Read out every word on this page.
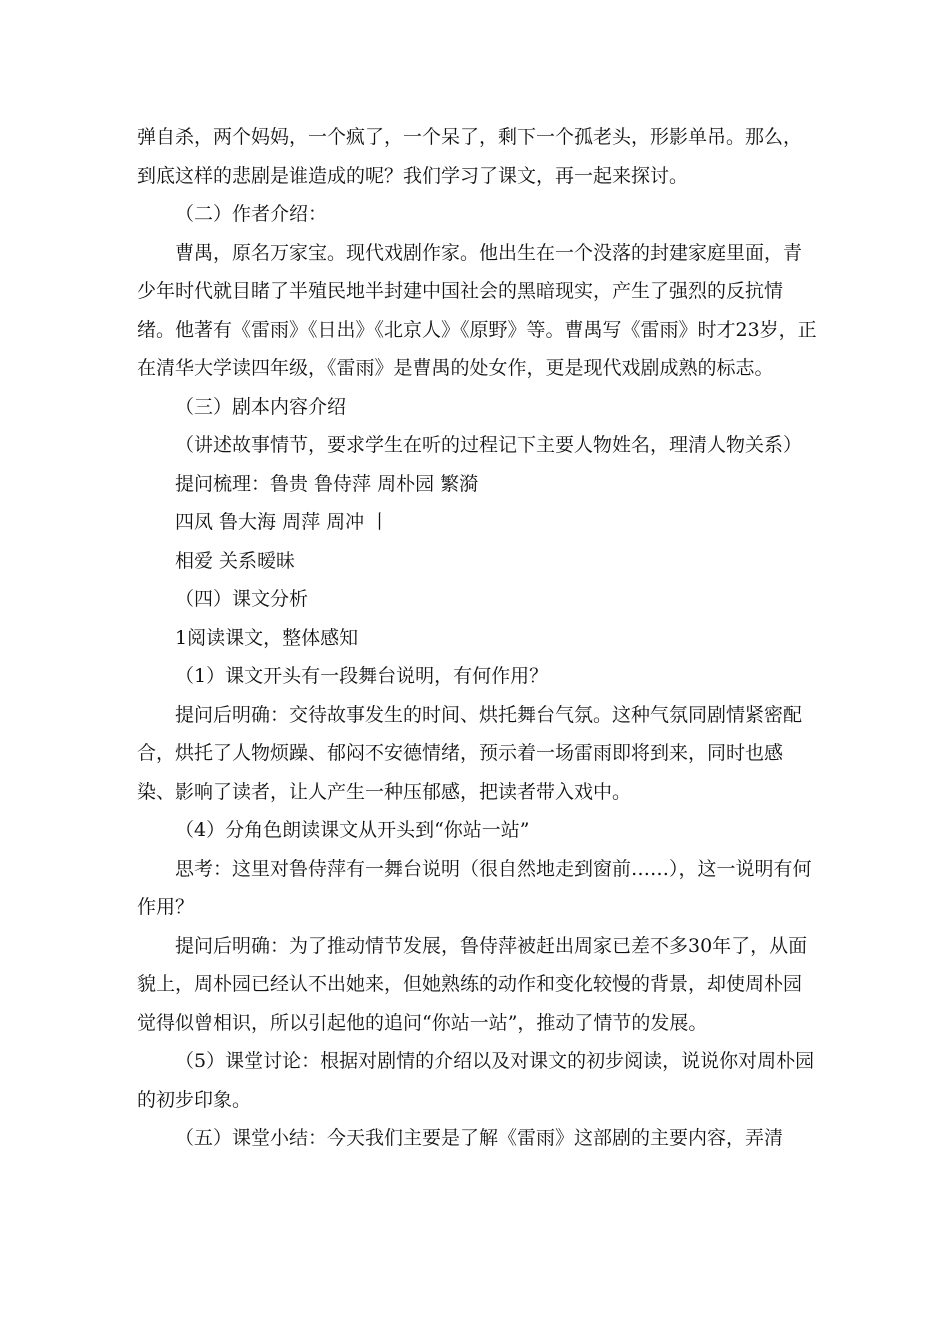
弹自杀，两个妈妈，一个疯了，一个呆了，剩下一个孤老头，形影单吊。那么，到底这样的悲剧是谁造成的呢？我们学习了课文，再一起来探讨。

（二）作者介绍：

曹禺，原名万家宝。现代戏剧作家。他出生在一个没落的封建家庭里面，青少年时代就目睹了半殖民地半封建中国社会的黑暗现实，产生了强烈的反抗情绪。他著有《雷雨》《日出》《北京人》《原野》等。曹禺写《雷雨》时才23岁，正在清华大学读四年级，《雷雨》是曹禺的处女作，更是现代戏剧成熟的标志。

（三）剧本内容介绍

（讲述故事情节，要求学生在听的过程记下主要人物姓名，理清人物关系）

提问梳理：鲁贵 鲁侍萍 周朴园 繁漪

四凤 鲁大海 周萍 周冲 丨

相爱 关系暧昧

（四）课文分析

1阅读课文，整体感知

（1）课文开头有一段舞台说明，有何作用？

提问后明确：交待故事发生的时间、烘托舞台气氛。这种气氛同剧情紧密配合，烘托了人物烦躁、郁闷不安德情绪，预示着一场雷雨即将到来，同时也感染、影响了读者，让人产生一种压郁感，把读者带入戏中。

（4）分角色朗读课文从开头到“你站一站”

思考：这里对鲁侍萍有一舞台说明（很自然地走到窗前……），这一说明有何作用？

提问后明确：为了推动情节发展，鲁侍萍被赶出周家已差不多30年了，从面貌上，周朴园已经认不出她来，但她熟练的动作和变化较慢的背景，却使周朴园觉得似曾相识，所以引起他的追问“你站一站”，推动了情节的发展。

（5）课堂讨论：根据对剧情的介绍以及对课文的初步阅读，说说你对周朴园的初步印象。

（五）课堂小结：今天我们主要是了解《雷雨》这部剧的主要内容，弄清
